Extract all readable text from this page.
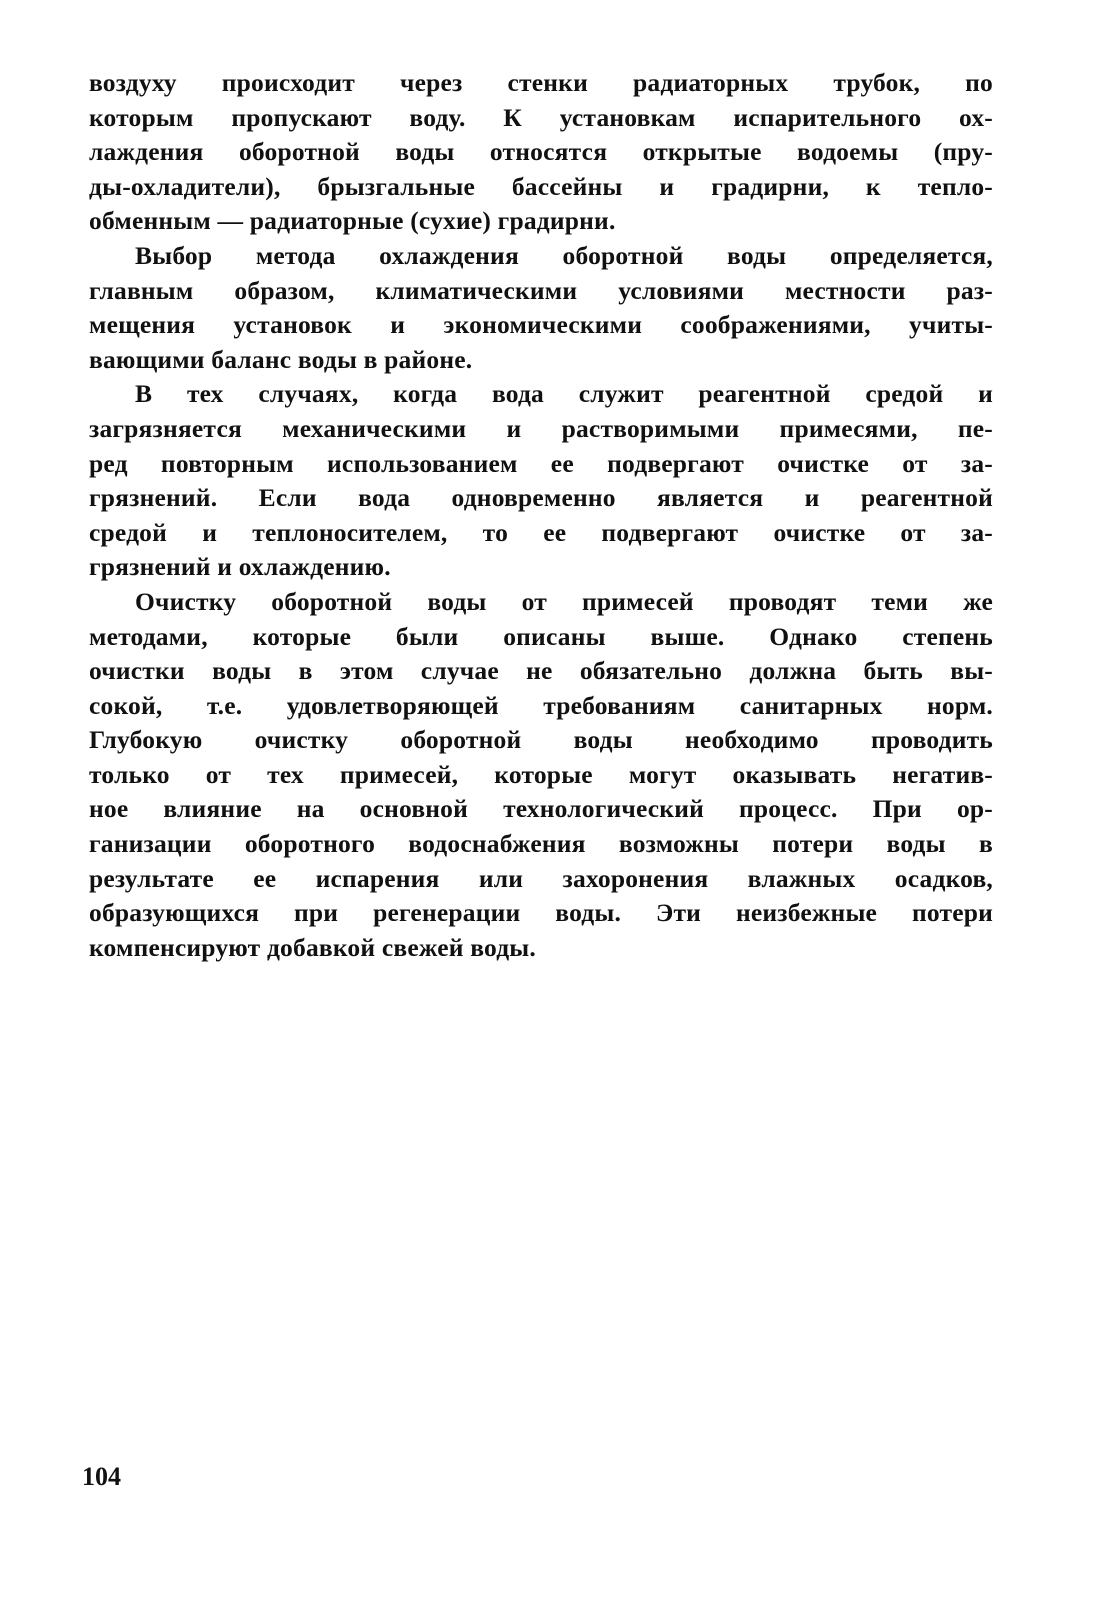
воздуху происходит через стенки радиаторных трубок, по
которым пропускают воду. К установкам испарительного ох-
лаждения оборотной воды относятся открытые водоемы (пру-
ды-охладители), брызгальные бассейны и градирни, к тепло-
обменным — радиаторные (сухие) градирни.
Выбор метода охлаждения оборотной воды определяется,
главным образом, климатическими условиями местности раз-
мещения установок и экономическими соображениями, учиты-
вающими баланс воды в районе.
В тех случаях, когда вода служит реагентной средой и
загрязняется механическими и растворимыми примесями, пе-
ред повторным использованием ее подвергают очистке от за-
грязнений. Если вода одновременно является и реагентной
средой и теплоносителем, то ее подвергают очистке от за-
грязнений и охлаждению.
Очистку оборотной воды от примесей проводят теми же
методами, которые были описаны выше. Однако степень
очистки воды в этом случае не обязательно должна быть вы-
сокой, т.е. удовлетворяющей требованиям санитарных норм.
Глубокую очистку оборотной воды необходимо проводить
только от тех примесей, которые могут оказывать негатив-
ное влияние на основной технологический процесс. При ор-
ганизации оборотного водоснабжения возможны потери воды в
результате ее испарения или захоронения влажных осадков,
образующихся при регенерации воды. Эти неизбежные потери
компенсируют добавкой свежей воды.
104
